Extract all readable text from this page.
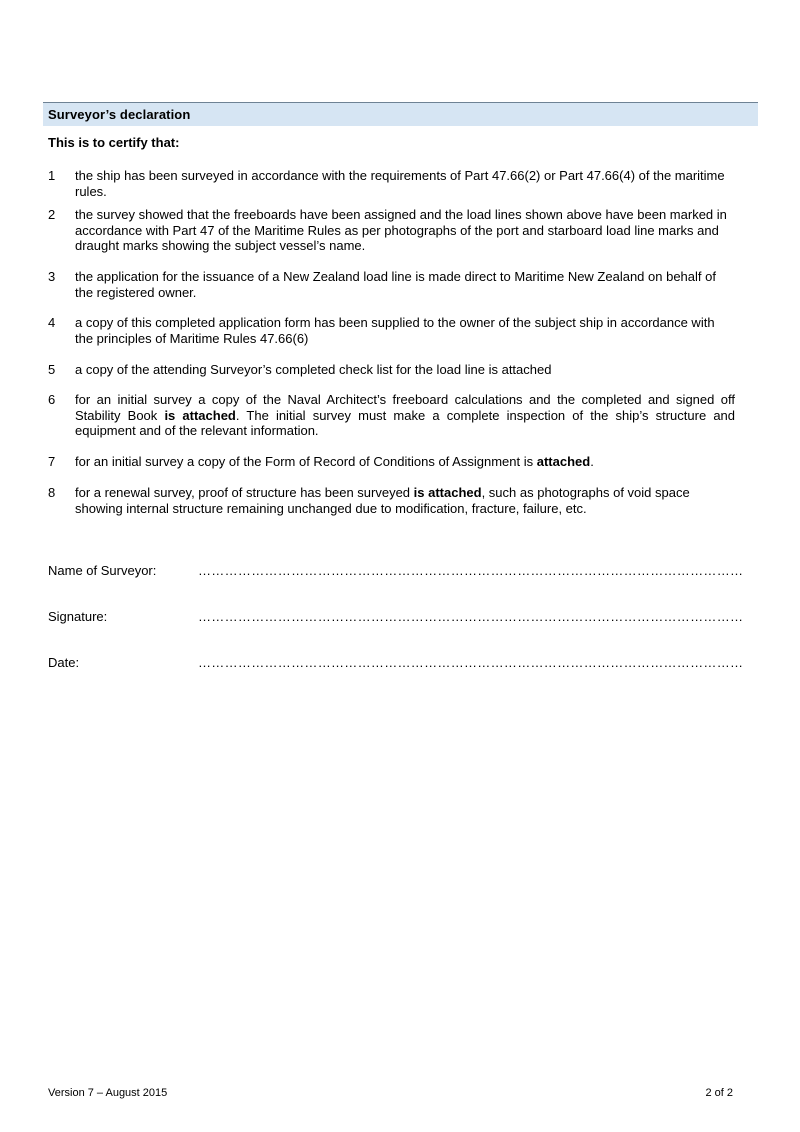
Surveyor’s declaration
This is to certify that:
1	the ship has been surveyed in accordance with the requirements of Part 47.66(2) or Part 47.66(4) of the maritime rules.
2	the survey showed that the freeboards have been assigned and the load lines shown above have been marked in accordance with Part 47 of the Maritime Rules as per photographs of the port and starboard load line marks and draught marks showing the subject vessel’s name.
3	the application for the issuance of a New Zealand load line is made direct to Maritime New Zealand on behalf of the registered owner.
4	a copy of this completed application form has been supplied to the owner of the subject ship in accordance with the principles of Maritime Rules 47.66(6)
5	a copy of the attending Surveyor’s completed check list for the load line is attached
6	for an initial survey a copy of the Naval Architect’s freeboard calculations and the completed and signed off Stability Book is attached. The initial survey must make a complete inspection of the ship’s structure and equipment and of the relevant information.
7	for an initial survey a copy of the Form of Record of Conditions of Assignment is attached.
8	for a renewal survey, proof of structure has been surveyed is attached, such as photographs of void space showing internal structure remaining unchanged due to modification, fracture, failure, etc.
Name of Surveyor:	……………………………………………………………………………………………………………
Signature:	……………………………………………………………………………………………………………
Date:	……………………………………………………………………………………………………………
Version 7 – August 2015	2 of 2
